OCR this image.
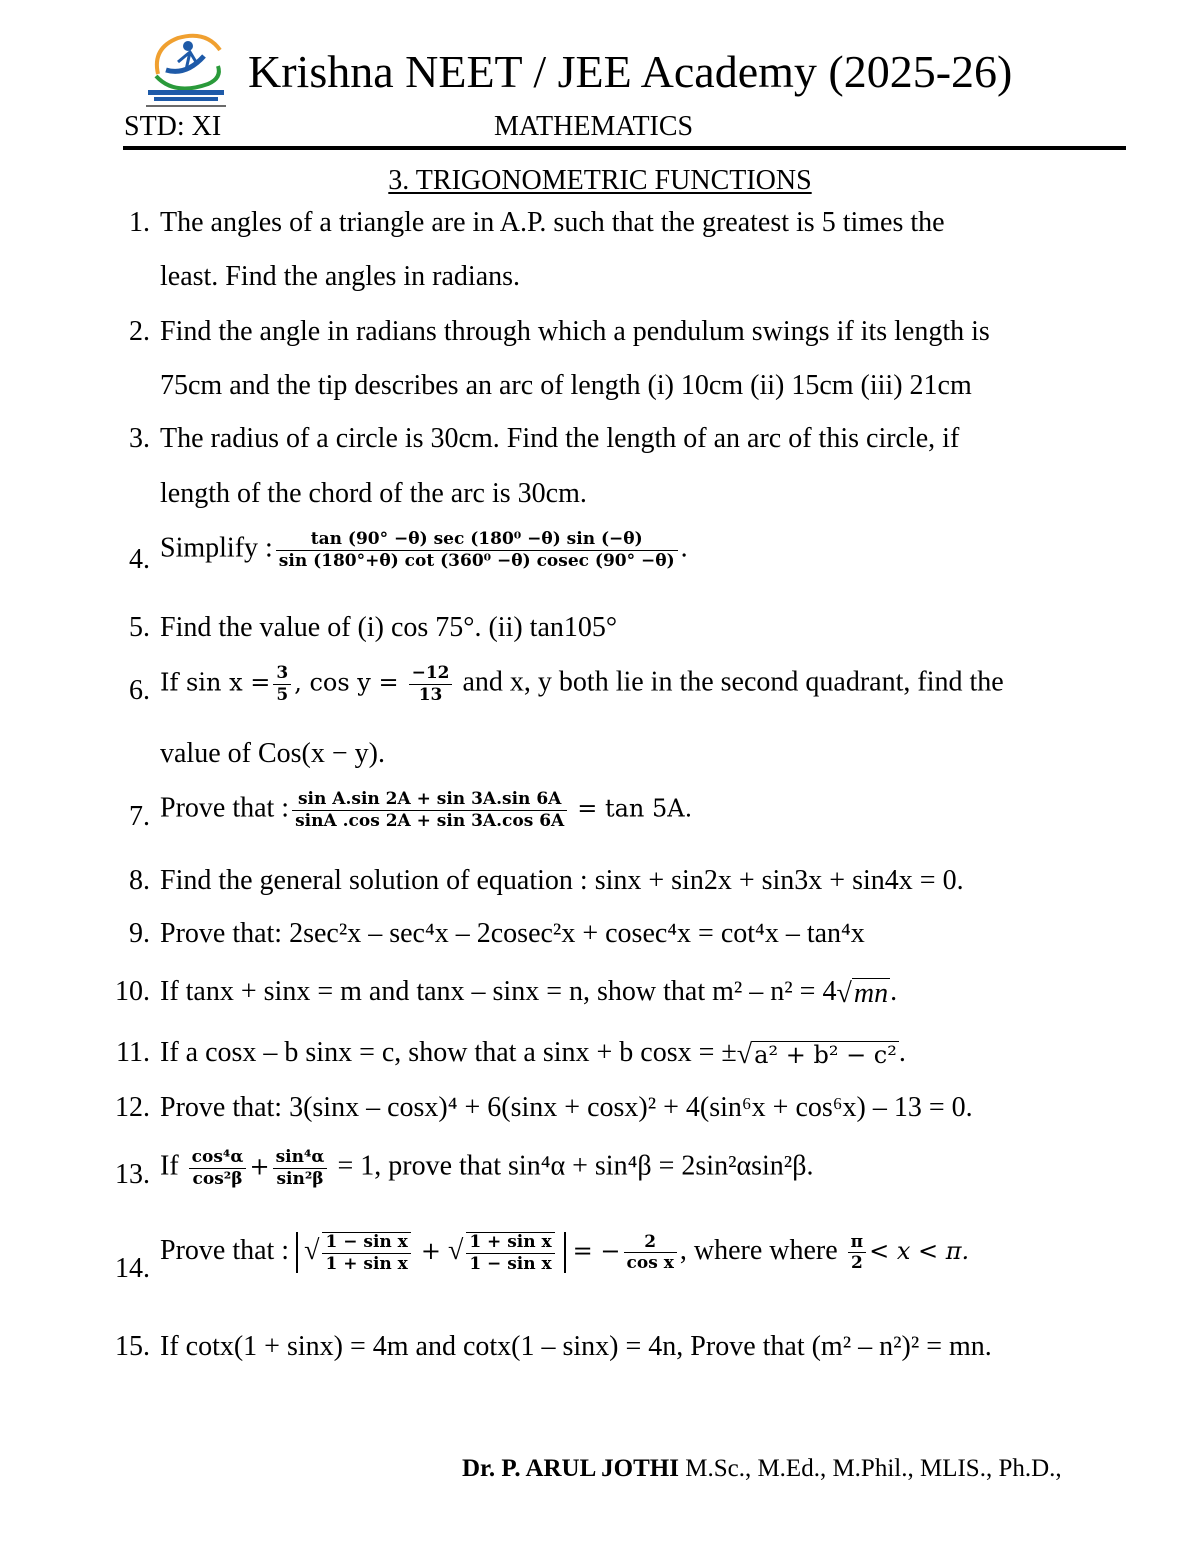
Krishna NEET / JEE Academy (2025-26)
STD: XI	MATHEMATICS
3. TRIGONOMETRIC FUNCTIONS
1. The angles of a triangle are in A.P. such that the greatest is 5 times the
least. Find the angles in radians.
2. Find the angle in radians through which a pendulum swings if its length is
75cm and the tip describes an arc of length (i) 10cm (ii) 15cm (iii) 21cm
3. The radius of a circle is 30cm. Find the length of an arc of this circle, if
length of the chord of the arc is 30cm.
4. Simplify : $\frac{\text{tan (90° −θ) sec (180⁰ −θ) sin (−θ)}}{\text{sin (180°+θ) cot (360⁰ −θ) cosec (90° −θ)}}$ .
5. Find the value of (i) cos 75°. (ii) tan105°
6. If $\sin x = \frac{3}{5}$ , $\cos y = \frac{-12}{13}$ and x, y both lie in the second quadrant, find the
value of Cos(x − y).
7. Prove that : $\frac{\text{sin A.sin 2A + sin 3A.sin 6A}}{\sin A .\cos 2A + \sin 3A.\cos 6A} = \tan 5A$.
8. Find the general solution of equation : sinx + sin2x + sin3x + sin4x = 0.
9. Prove that: 2sec²x – sec⁴x – 2cosec²x + cosec⁴x = cot⁴x – tan⁴x
10. If tanx + sinx = m and tanx – sinx = n, show that m² – n² = 4√mn.
11. If a cosx – b sinx = c, show that a sinx + b cosx = ±√a² + b² − c².
12. Prove that: 3(sinx – cosx)⁴ + 6(sinx + cosx)² + 4(sin⁶x + cos⁶x) – 13 = 0.
13. If $\frac{\text{cos⁴α}}{\text{cos²β}} + \frac{\text{sin⁴α}}{\text{sin²β}} = 1$, prove that sin⁴α + sin⁴β = 2sin²αsin²β.
14.
Prove that : √ $\frac{\text{1 − sin x}}{\text{1 + sin x}}$ + √ $\frac{\text{1 + sin x}}{\text{1 − sin x}}$ = − $\frac{2}{\text{cos x}}$ , where where $\frac{\pi}{2} < x < \pi$.
15. If cotx(1 + sinx) = 4m and cotx(1 – sinx) = 4n, Prove that (m² – n²)² = mn.
Dr. P. ARUL JOTHI M.Sc., M.Ed., M.Phil., MLIS., Ph.D.,
